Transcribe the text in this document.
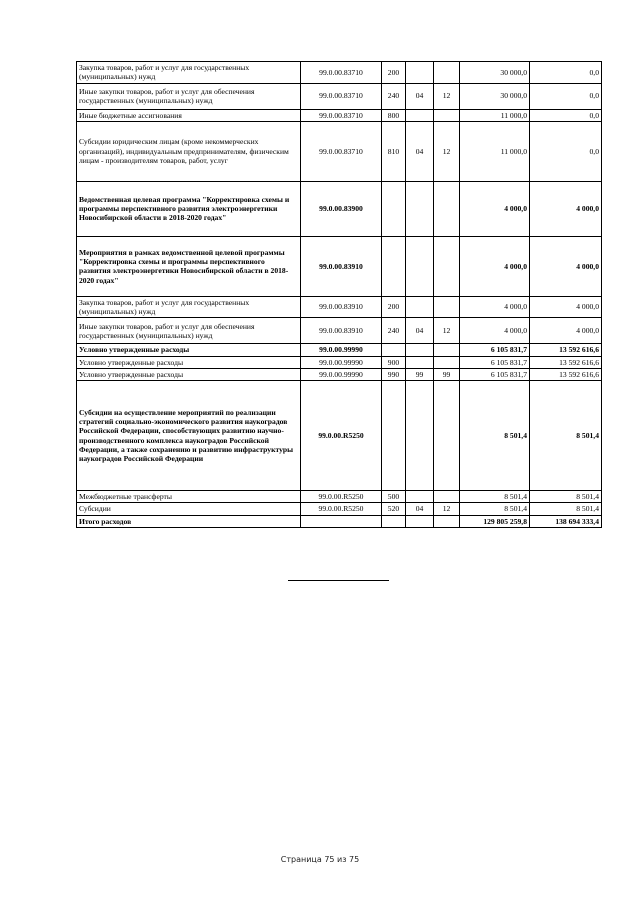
Закупка товаров, работ и услуг для государственных (муниципальных) нужд	99.0.00.83710	200			30 000,0	0,0
Иные закупки товаров, работ и услуг для обеспечения государственных (муниципальных) нужд	99.0.00.83710	240	04	12	30 000,0	0,0
Иные бюджетные ассигнования	99.0.00.83710	800			11 000,0	0,0
Субсидии юридическим лицам (кроме некоммерческих организаций), индивидуальным предпринимателям, физическим лицам - производителям товаров, работ, услуг	99.0.00.83710	810	04	12	11 000,0	0,0
Ведомственная целевая программа "Корректировка схемы и программы перспективного развития электроэнергетики Новосибирской области в 2018-2020 годах"	99.0.00.83900				4 000,0	4 000,0
Мероприятия в рамках ведомственной целевой программы "Корректировка схемы и программы перспективного развития электроэнергетики Новосибирской области в 2018-2020 годах"	99.0.00.83910				4 000,0	4 000,0
Закупка товаров, работ и услуг для государственных (муниципальных) нужд	99.0.00.83910	200			4 000,0	4 000,0
Иные закупки товаров, работ и услуг для обеспечения государственных (муниципальных) нужд	99.0.00.83910	240	04	12	4 000,0	4 000,0
Условно утвержденные расходы	99.0.00.99990				6 105 831,7	13 592 616,6
Условно утвержденные расходы	99.0.00.99990	900			6 105 831,7	13 592 616,6
Условно утвержденные расходы	99.0.00.99990	990	99	99	6 105 831,7	13 592 616,6
Субсидии на осуществление мероприятий по реализации стратегий социально-экономического развития наукоградов Российской Федерации, способствующих развитию научно-производственного комплекса наукоградов Российской Федерации, а также сохранению и развитию инфраструктуры наукоградов Российской Федерации	99.0.00.R5250				8 501,4	8 501,4
Межбюджетные трансферты	99.0.00.R5250	500			8 501,4	8 501,4
Субсидии	99.0.00.R5250	520	04	12	8 501,4	8 501,4
Итого расходов					129 805 259,8	138 694 333,4
Страница 75 из 75
